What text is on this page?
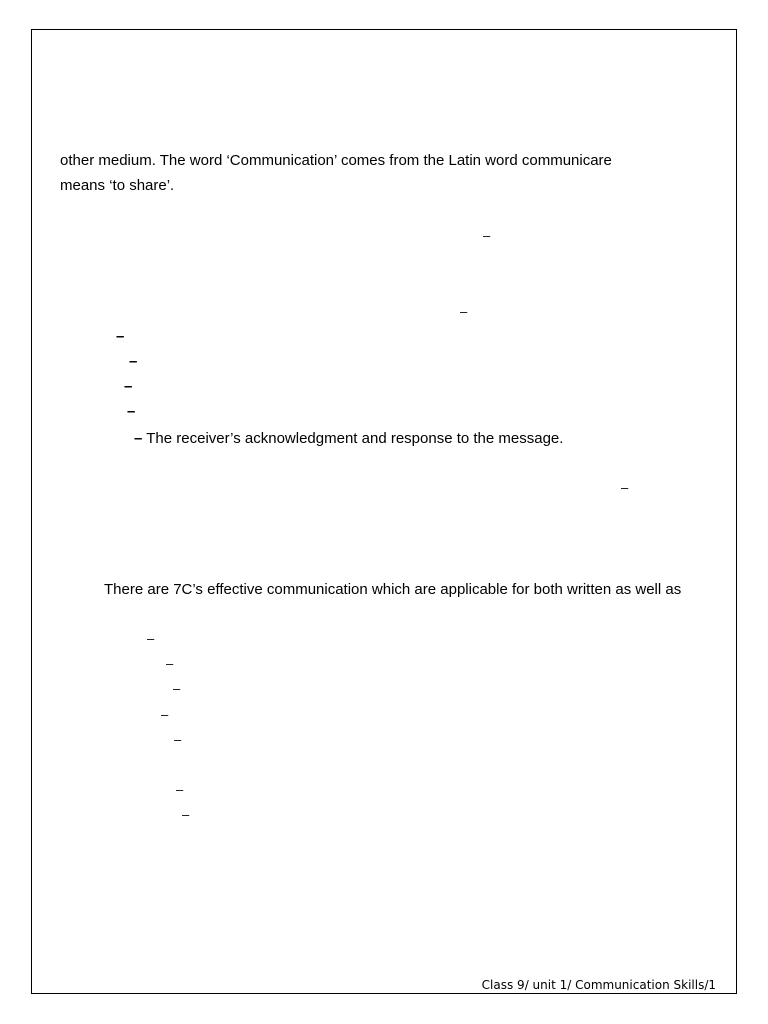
other medium. The word ‘Communication’ comes from the Latin word communicare
means ‘to share’.
–
–
–
–
–
–
– The receiver’s acknowledgment and response to the message.
–
There are 7C’s effective communication which are applicable for both written as well as
–
–
–
–
–
–
–
Class 9/ unit 1/ Communication Skills/1
